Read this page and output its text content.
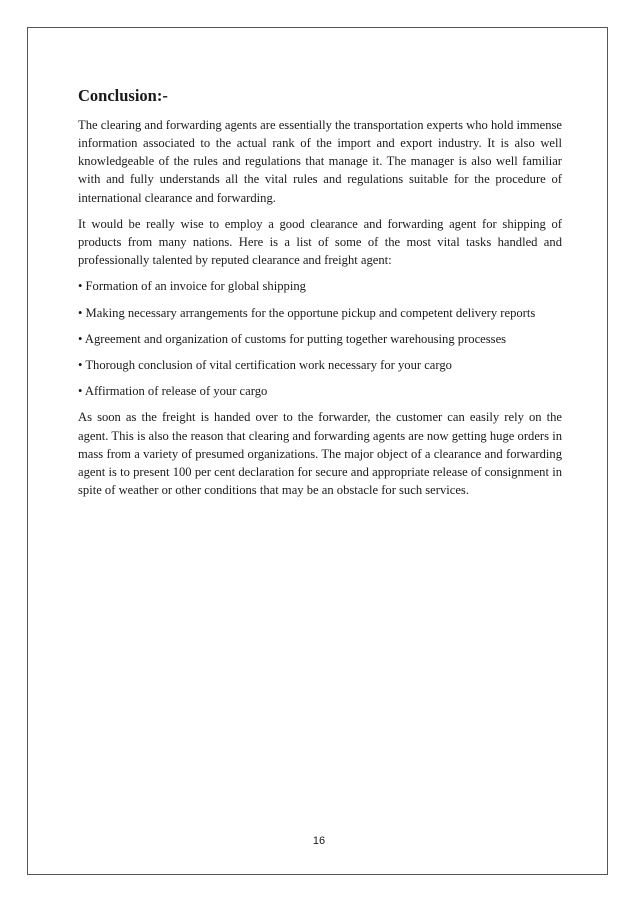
Conclusion:-

The clearing and forwarding agents are essentially the transportation experts who hold immense information associated to the actual rank of the import and export industry. It is also well knowledgeable of the rules and regulations that manage it. The manager is also well familiar with and fully understands all the vital rules and regulations suitable for the procedure of international clearance and forwarding.

It would be really wise to employ a good clearance and forwarding agent for shipping of products from many nations. Here is a list of some of the most vital tasks handled and professionally talented by reputed clearance and freight agent:

• Formation of an invoice for global shipping

• Making necessary arrangements for the opportune pickup and competent delivery reports

• Agreement and organization of customs for putting together warehousing processes

• Thorough conclusion of vital certification work necessary for your cargo

• Affirmation of release of your cargo

As soon as the freight is handed over to the forwarder, the customer can easily rely on the agent. This is also the reason that clearing and forwarding agents are now getting huge orders in mass from a variety of presumed organizations. The major object of a clearance and forwarding agent is to present 100 per cent declaration for secure and appropriate release of consignment in spite of weather or other conditions that may be an obstacle for such services.

16
